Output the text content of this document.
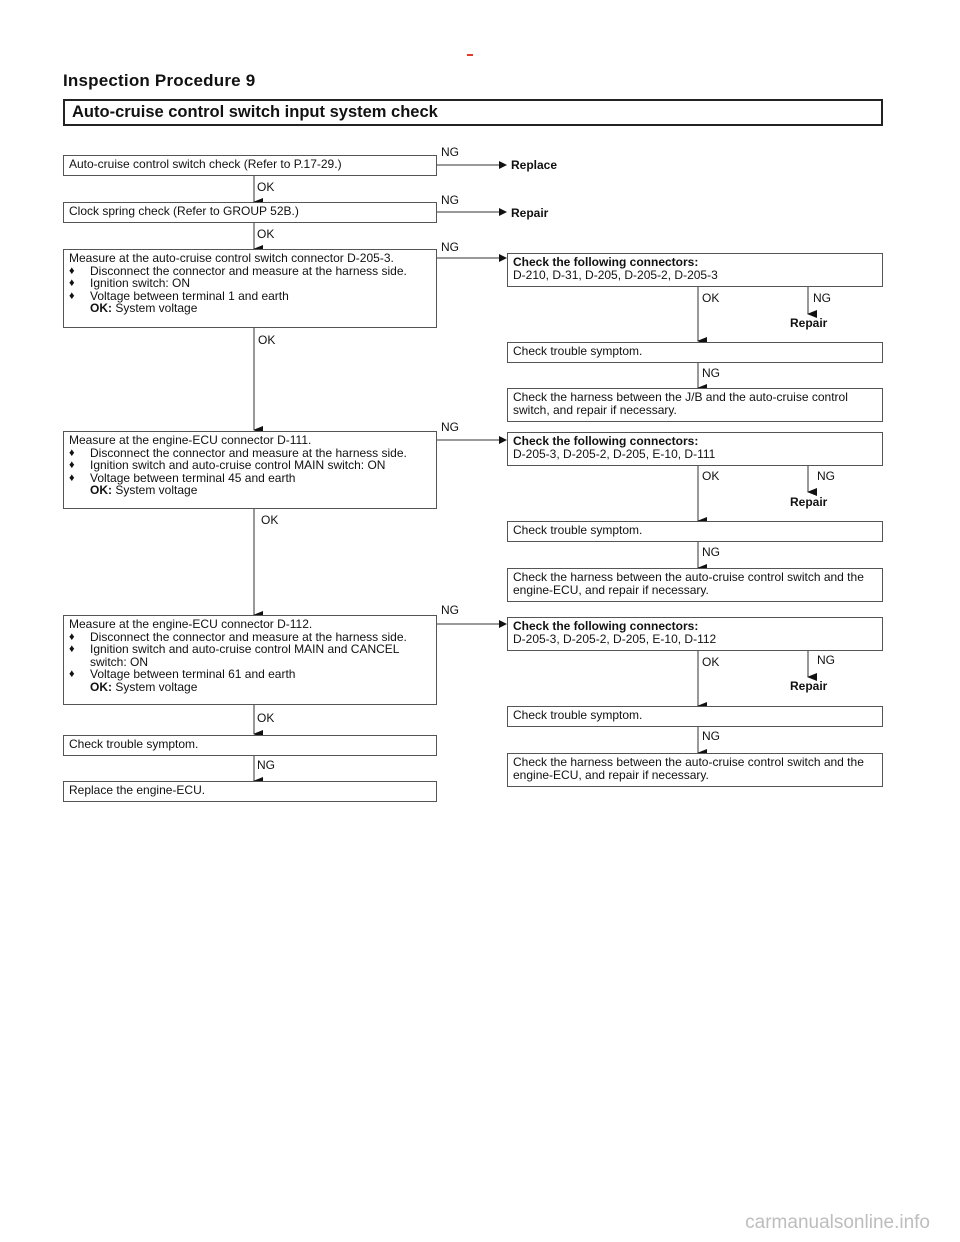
Inspection Procedure 9
Auto-cruise control switch input system check
Auto-cruise control switch check (Refer to P.17-29.)
Clock spring check (Refer to GROUP 52B.)
Measure at the auto-cruise control switch connector D-205-3.
♦ Disconnect the connector and measure at the harness side.
♦ Ignition switch: ON
♦ Voltage between terminal 1 and earth
OK: System voltage
Measure at the engine-ECU connector D-111.
♦ Disconnect the connector and measure at the harness side.
♦ Ignition switch and auto-cruise control MAIN switch: ON
♦ Voltage between terminal 45 and earth
OK: System voltage
Measure at the engine-ECU connector D-112.
♦ Disconnect the connector and measure at the harness side.
♦ Ignition switch and auto-cruise control MAIN and CANCEL switch: ON
♦ Voltage between terminal 61 and earth
OK: System voltage
Check trouble symptom.
Replace the engine-ECU.
Check the following connectors:
D-210, D-31, D-205, D-205-2, D-205-3
Check trouble symptom.
Check the harness between the J/B and the auto-cruise control switch, and repair if necessary.
Check the following connectors:
D-205-3, D-205-2, D-205, E-10, D-111
Check trouble symptom.
Check the harness between the auto-cruise control switch and the engine-ECU, and repair if necessary.
Check the following connectors:
D-205-3, D-205-2, D-205, E-10, D-112
Check trouble symptom.
Check the harness between the auto-cruise control switch and the engine-ECU, and repair if necessary.
NG
NG
NG
NG
NG
OK
OK
OK
OK
OK
NG
OK	NG
NG
OK	NG
NG
OK	NG
NG
Replace
Repair
Repair
Repair
Repair
carmanualsonline.info
